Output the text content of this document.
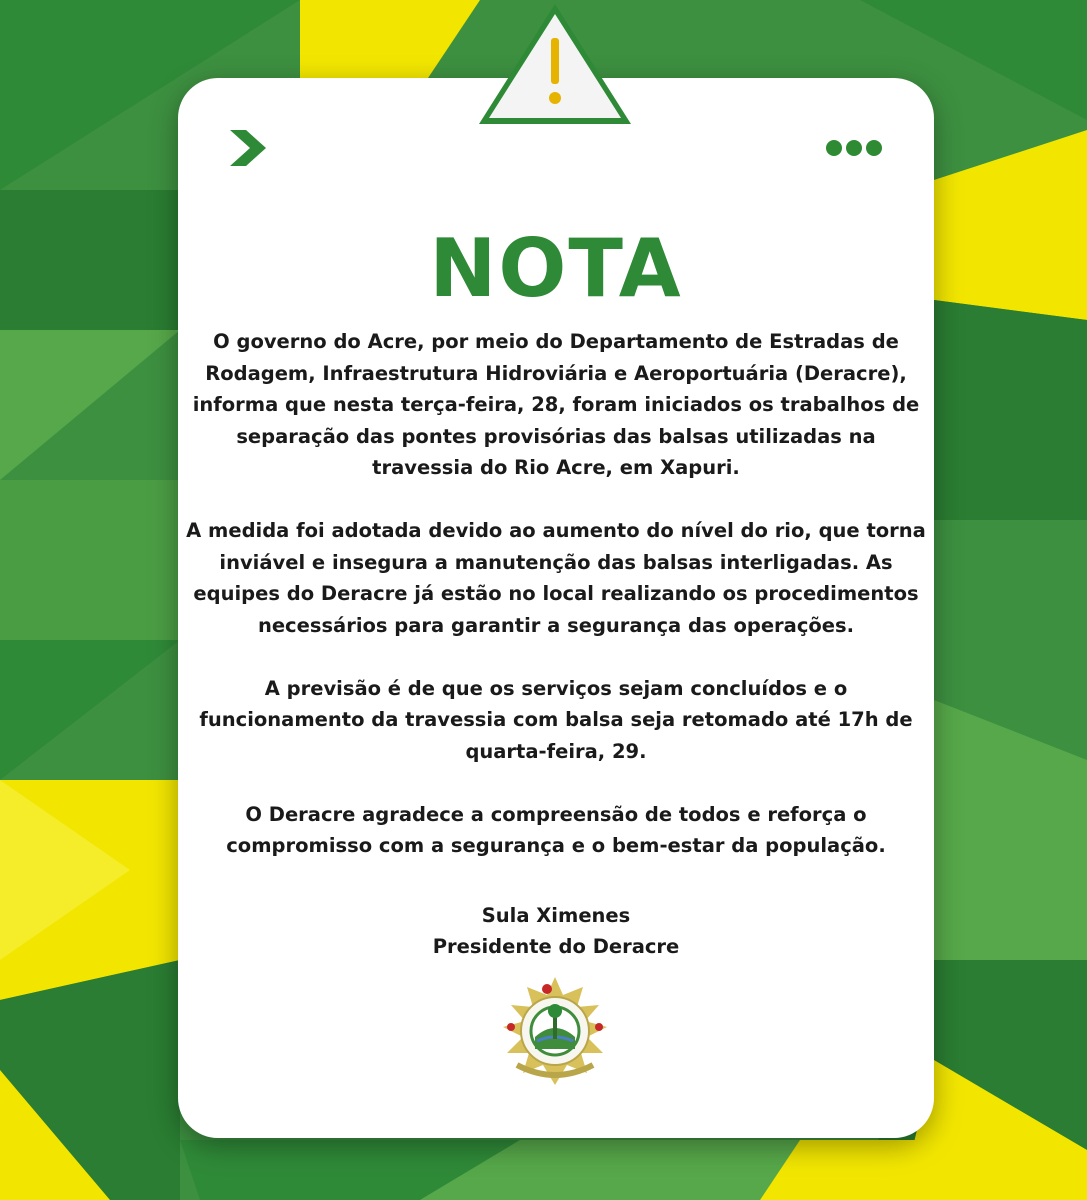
NOTA

O governo do Acre, por meio do Departamento de Estradas de
Rodagem, Infraestrutura Hidroviária e Aeroportuária (Deracre),
informa que nesta terça-feira, 28, foram iniciados os trabalhos de
separação das pontes provisórias das balsas utilizadas na
travessia do Rio Acre, em Xapuri.

A medida foi adotada devido ao aumento do nível do rio, que torna
inviável e insegura a manutenção das balsas interligadas. As
equipes do Deracre já estão no local realizando os procedimentos
necessários para garantir a segurança das operações.

A previsão é de que os serviços sejam concluídos e o
funcionamento da travessia com balsa seja retomado até 17h de
quarta-feira, 29.

O Deracre agradece a compreensão de todos e reforça o
compromisso com a segurança e o bem-estar da população.

Sula Ximenes
Presidente do Deracre
